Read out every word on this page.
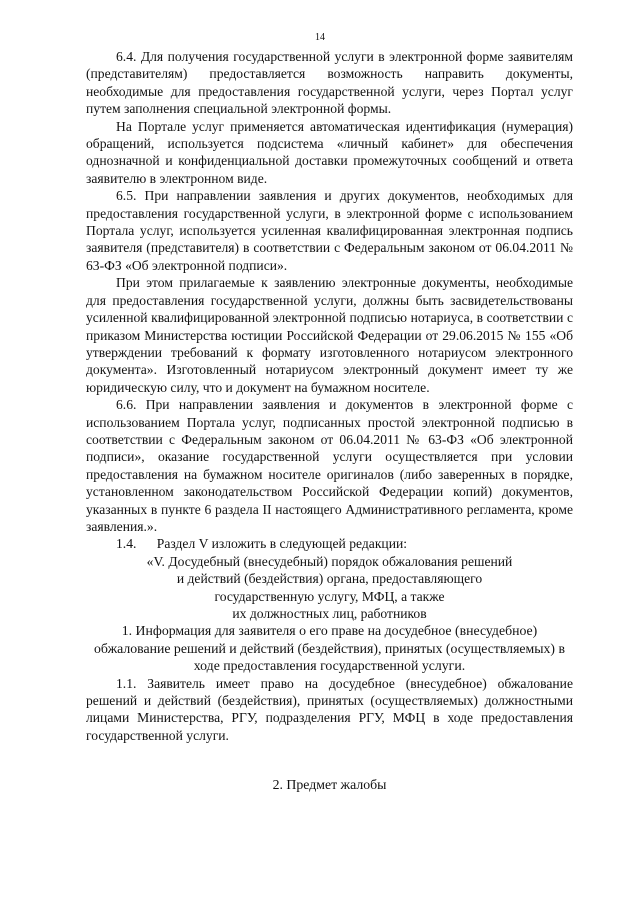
14

6.4. Для получения государственной услуги в электронной форме заявителям (представителям) предоставляется возможность направить документы, необходимые для предоставления государственной услуги, через Портал услуг путем заполнения специальной электронной формы.

На Портале услуг применяется автоматическая идентификация (нумерация) обращений, используется подсистема «личный кабинет» для обеспечения однозначной и конфиденциальной доставки промежуточных сообщений и ответа заявителю в электронном виде.

6.5. При направлении заявления и других документов, необходимых для предоставления государственной услуги, в электронной форме с использованием Портала услуг, используется усиленная квалифицированная электронная подпись заявителя (представителя) в соответствии с Федеральным законом от 06.04.2011 № 63-ФЗ «Об электронной подписи».

При этом прилагаемые к заявлению электронные документы, необходимые для предоставления государственной услуги, должны быть засвидетельствованы усиленной квалифицированной электронной подписью нотариуса, в соответствии с приказом Министерства юстиции Российской Федерации от 29.06.2015 № 155 «Об утверждении требований к формату изготовленного нотариусом электронного документа». Изготовленный нотариусом электронный документ имеет ту же юридическую силу, что и документ на бумажном носителе.

6.6. При направлении заявления и документов в электронной форме с использованием Портала услуг, подписанных простой электронной подписью в соответствии с Федеральным законом от 06.04.2011 № 63-ФЗ «Об электронной подписи», оказание государственной услуги осуществляется при условии предоставления на бумажном носителе оригиналов (либо заверенных в порядке, установленном законодательством Российской Федерации копий) документов, указанных в пункте 6 раздела II настоящего Административного регламента, кроме заявления.».

1.4.      Раздел V изложить в следующей редакции:

«V. Досудебный (внесудебный) порядок обжалования решений

и действий (бездействия) органа, предоставляющего

государственную услугу, МФЦ, а также

их должностных лиц, работников

1. Информация для заявителя о его праве на досудебное (внесудебное) обжалование решений и действий (бездействия), принятых (осуществляемых) в ходе предоставления государственной услуги.

1.1. Заявитель имеет право на досудебное (внесудебное) обжалование решений и действий (бездействия), принятых (осуществляемых) должностными лицами Министерства, РГУ, подразделения РГУ, МФЦ в ходе предоставления государственной услуги.

2. Предмет жалобы
